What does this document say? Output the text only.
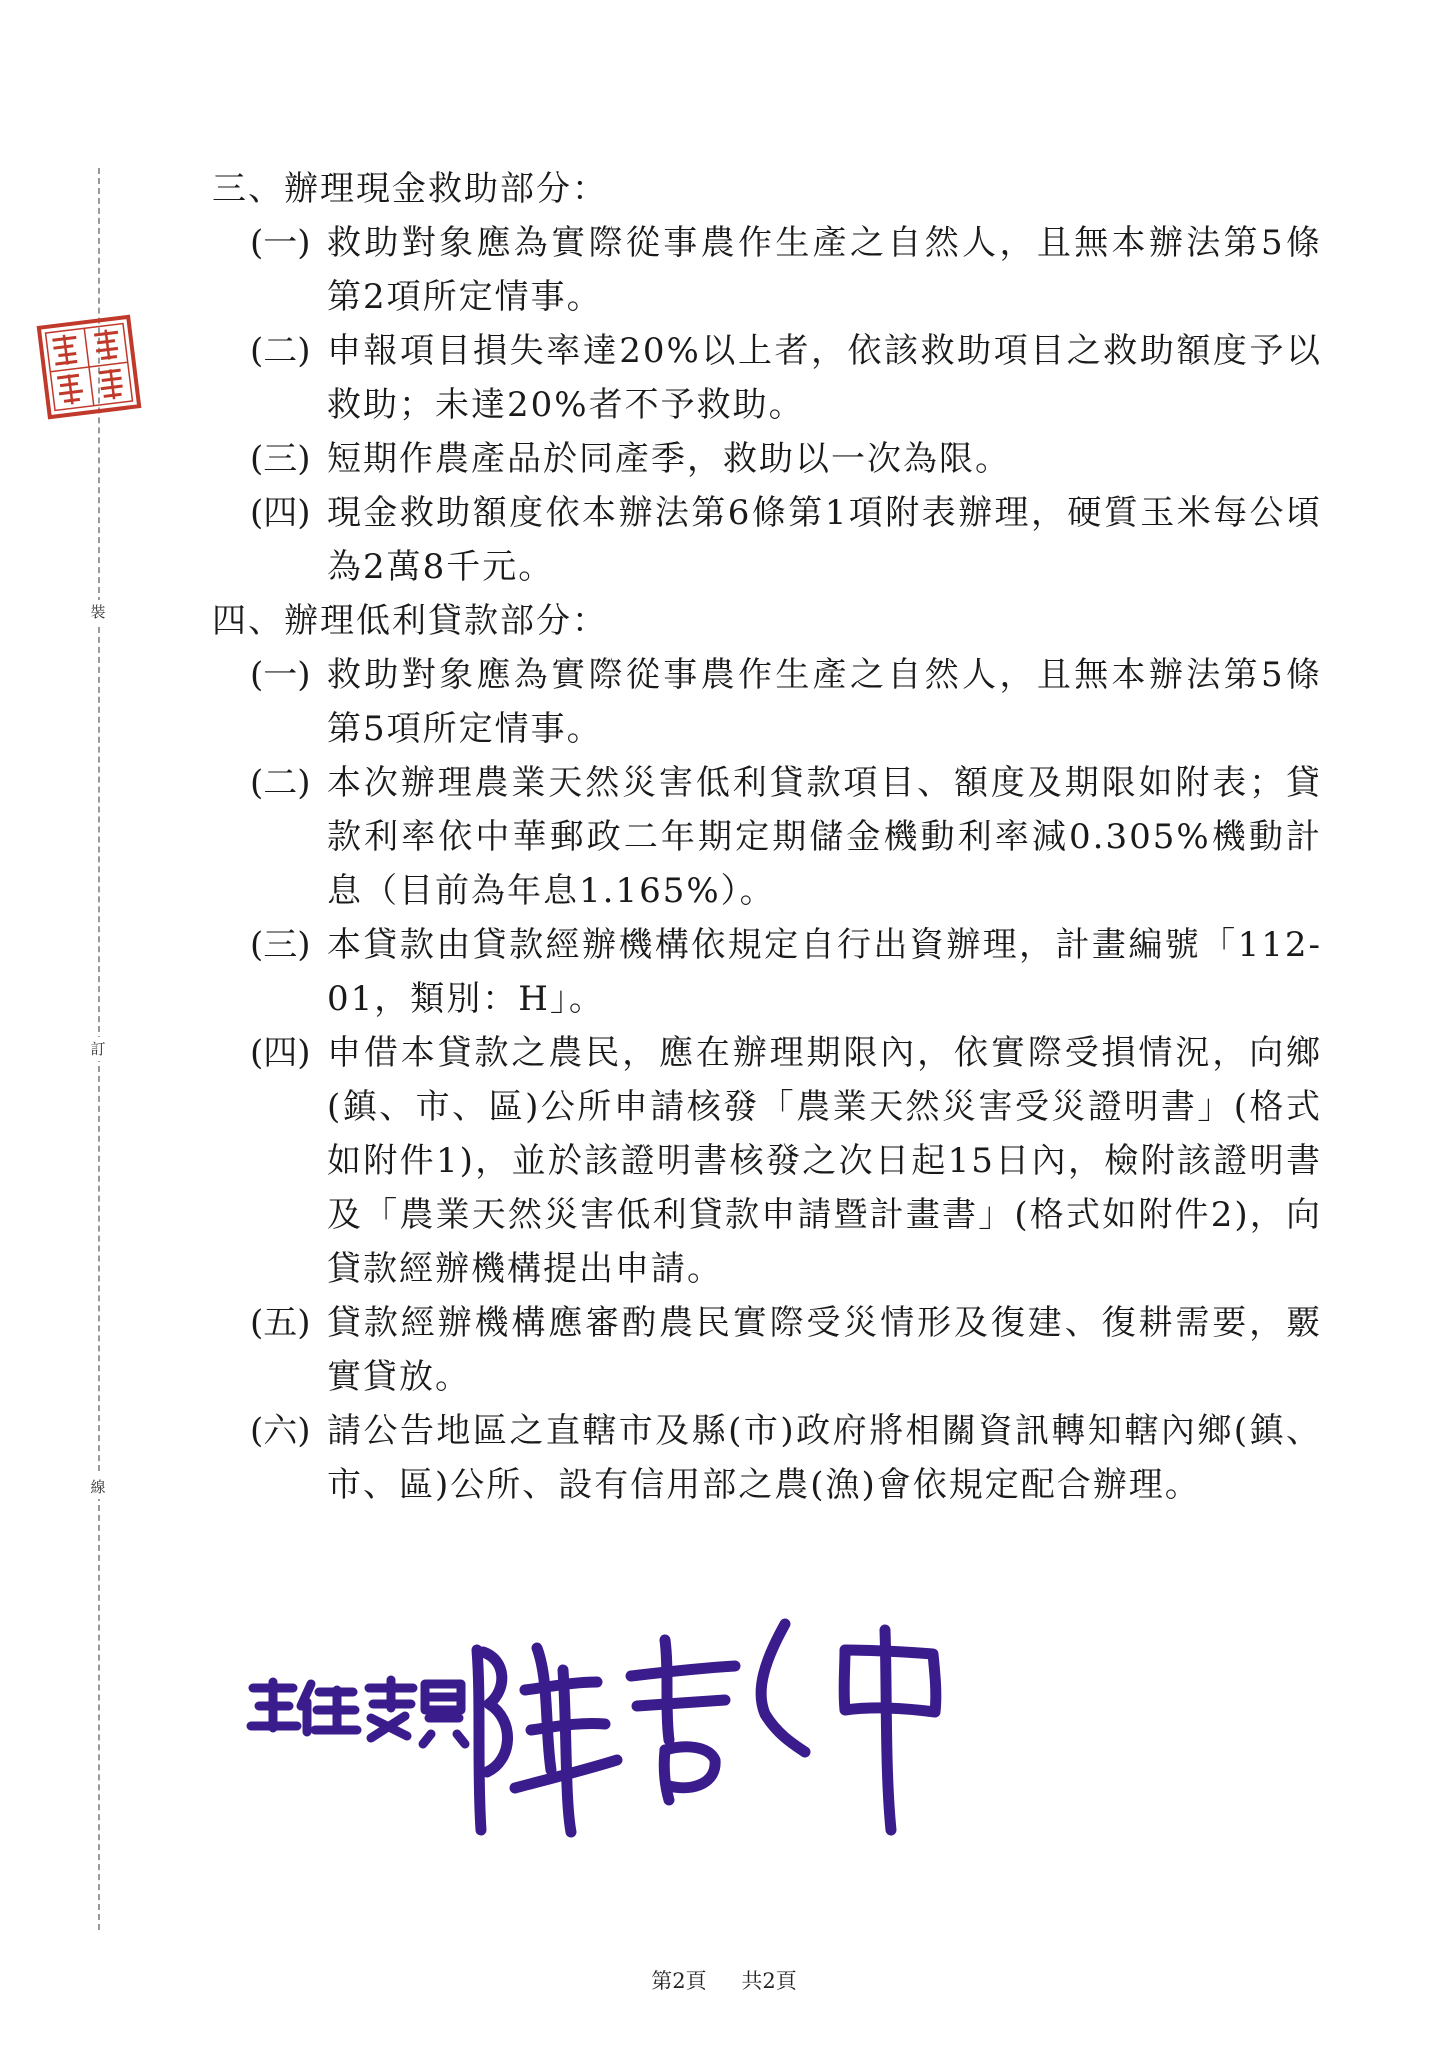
裝
訂
線

三、辦理現金救助部分：

(一) 救助對象應為實際從事農作生產之自然人，且無本辦法第5條第2項所定情事。
(二) 申報項目損失率達20%以上者，依該救助項目之救助額度予以救助；未達20%者不予救助。
(三) 短期作農產品於同產季，救助以一次為限。
(四) 現金救助額度依本辦法第6條第1項附表辦理，硬質玉米每公頃為2萬8千元。

四、辦理低利貸款部分：

(一) 救助對象應為實際從事農作生產之自然人，且無本辦法第5條第5項所定情事。
(二) 本次辦理農業天然災害低利貸款項目、額度及期限如附表；貸款利率依中華郵政二年期定期儲金機動利率減0.305%機動計息（目前為年息1.165%）。
(三) 本貸款由貸款經辦機構依規定自行出資辦理，計畫編號「112-01，類別：H」。
(四) 申借本貸款之農民，應在辦理期限內，依實際受損情況，向鄉(鎮、市、區)公所申請核發「農業天然災害受災證明書」(格式如附件1)，並於該證明書核發之次日起15日內，檢附該證明書及「農業天然災害低利貸款申請暨計畫書」(格式如附件2)，向貸款經辦機構提出申請。
(五) 貸款經辦機構應審酌農民實際受災情形及復建、復耕需要，覈實貸放。
(六) 請公告地區之直轄市及縣(市)政府將相關資訊轉知轄內鄉(鎮、市、區)公所、設有信用部之農(漁)會依規定配合辦理。
第2頁 共2頁
